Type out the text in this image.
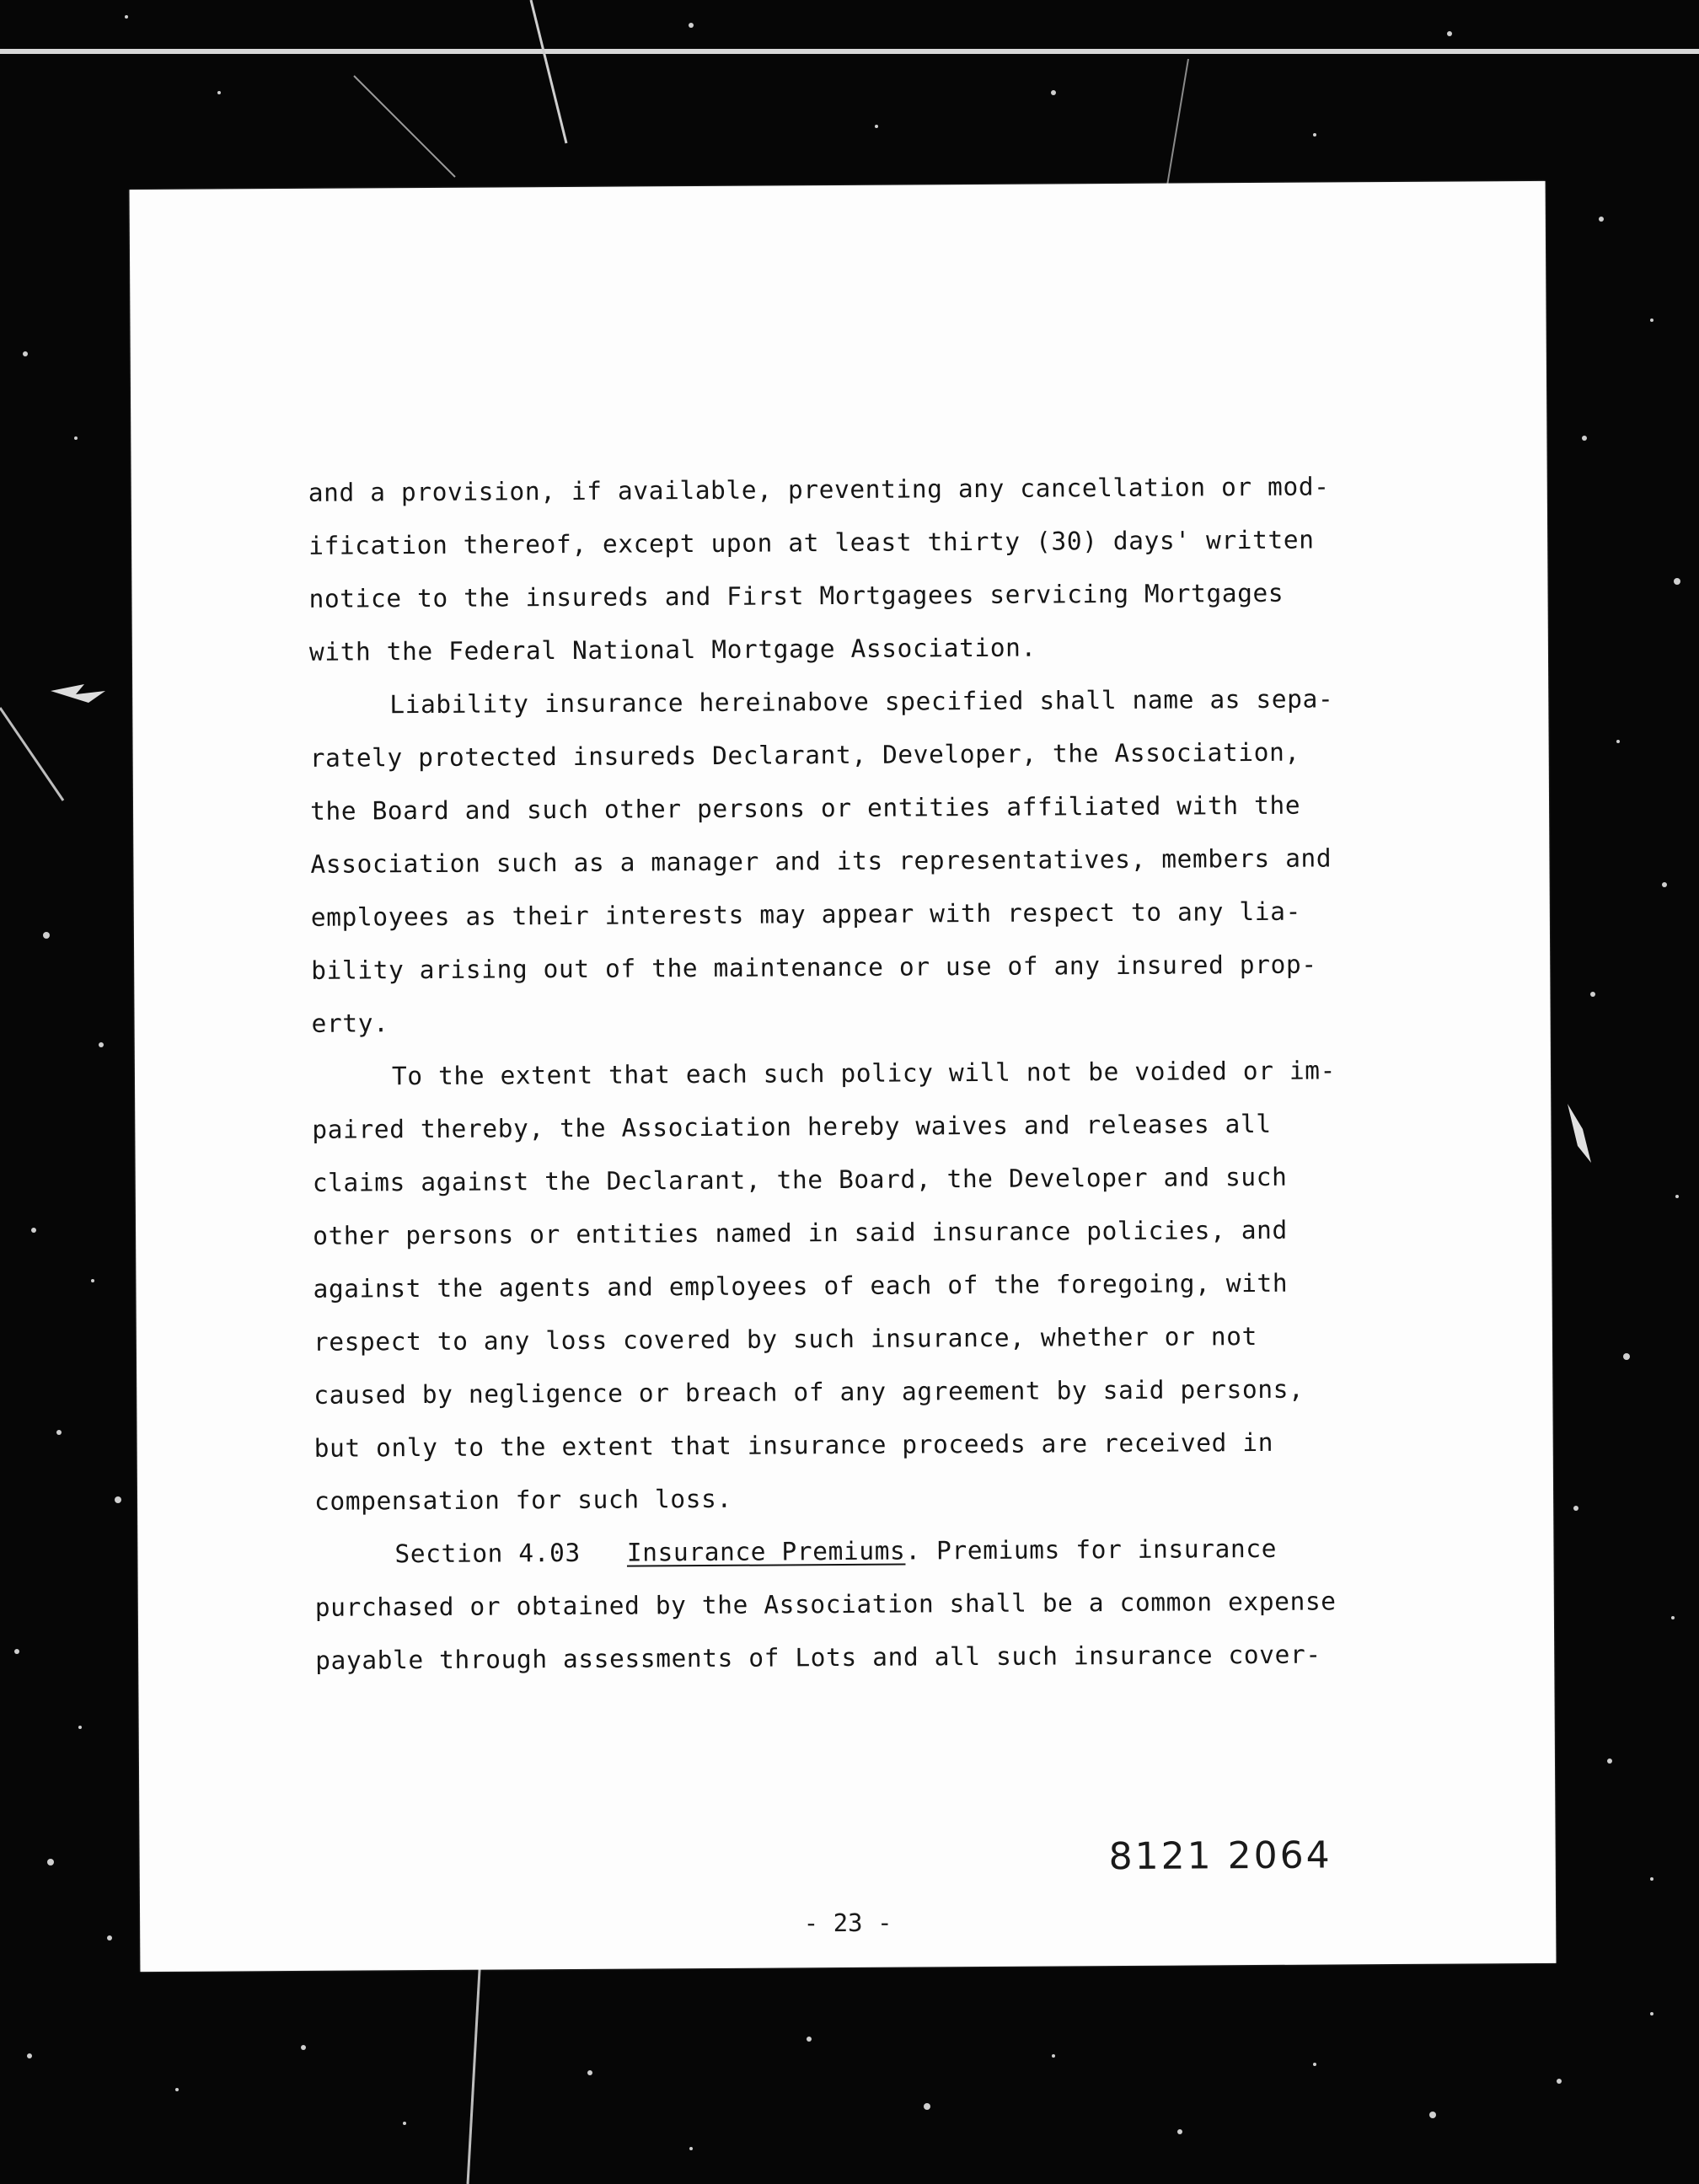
and a provision, if available, preventing any cancellation or mod-
ification thereof, except upon at least thirty (30) days' written
notice to the insureds and First Mortgagees servicing Mortgages
with the Federal National Mortgage Association.
Liability insurance hereinabove specified shall name as sepa-
rately protected insureds Declarant, Developer, the Association,
the Board and such other persons or entities affiliated with the
Association such as a manager and its representatives, members and
employees as their interests may appear with respect to any lia-
bility arising out of the maintenance or use of any insured prop-
erty.
To the extent that each such policy will not be voided or im-
paired thereby, the Association hereby waives and releases all
claims against the Declarant, the Board, the Developer and such
other persons or entities named in said insurance policies, and
against the agents and employees of each of the foregoing, with
respect to any loss covered by such insurance, whether or not
caused by negligence or breach of any agreement by said persons,
but only to the extent that insurance proceeds are received in
compensation for such loss.
Section 4.03 Insurance Premiums. Premiums for insurance
purchased or obtained by the Association shall be a common expense
payable through assessments of Lots and all such insurance cover-
8121 2064
- 23 -
